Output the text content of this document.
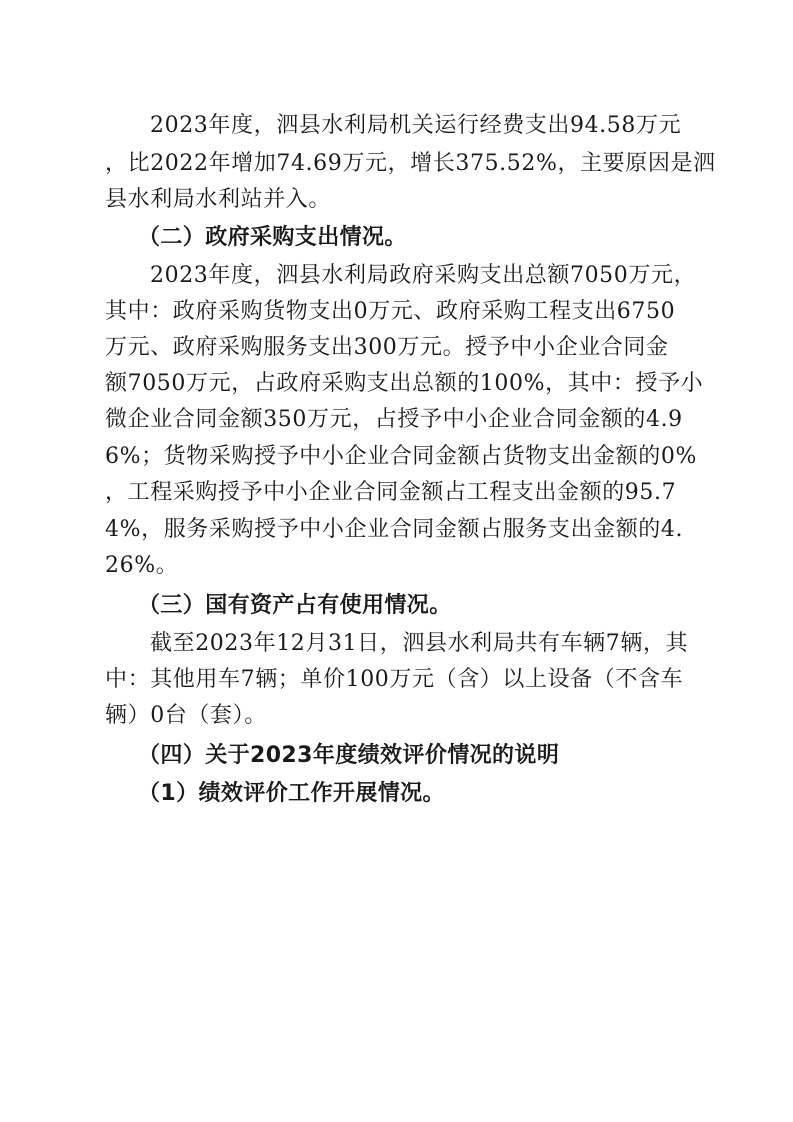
2023年度，泗县水利局机关运行经费支出94.58万元
，比2022年增加74.69万元，增长375.52%，主要原因是泗
县水利局水利站并入。
（二）政府采购支出情况。
2023年度，泗县水利局政府采购支出总额7050万元，
其中：政府采购货物支出0万元、政府采购工程支出6750
万元、政府采购服务支出300万元。授予中小企业合同金
额7050万元，占政府采购支出总额的100%，其中：授予小
微企业合同金额350万元，占授予中小企业合同金额的4.9
6%；货物采购授予中小企业合同金额占货物支出金额的0%
，工程采购授予中小企业合同金额占工程支出金额的95.7
4%，服务采购授予中小企业合同金额占服务支出金额的4.
26%。
（三）国有资产占有使用情况。
截至2023年12月31日，泗县水利局共有车辆7辆，其
中：其他用车7辆；单价100万元（含）以上设备（不含车
辆）0台（套）。
（四）关于2023年度绩效评价情况的说明
（1）绩效评价工作开展情况。
